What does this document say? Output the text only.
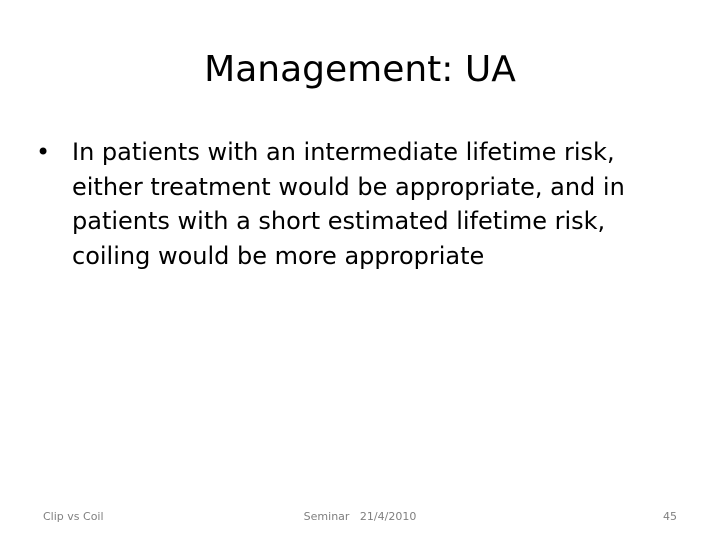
Management: UA
• In patients with an intermediate lifetime risk, either treatment would be appropriate, and in patients with a short estimated lifetime risk, coiling would be more appropriate
Clip vs Coil	Seminar   21/4/2010	45
